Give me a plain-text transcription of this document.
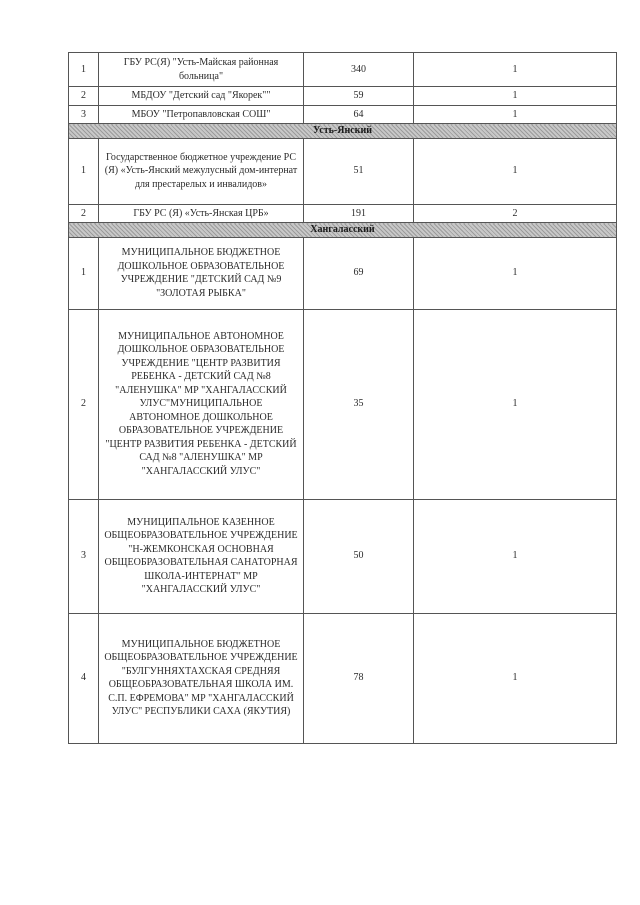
1	ГБУ РС(Я) "Усть-Майская районная больница"	340	1
2	МБДОУ "Детский сад "Якорек""	59	1
3	МБОУ "Петропавловская СОШ"	64	1
Усть-Янский			
1	Государственное бюджетное учреждение РС (Я) «Усть-Янский межулусный дом-интернат для престарелых и инвалидов»	51	1
2	ГБУ РС (Я) «Усть-Янская ЦРБ»	191	2
Хангаласский			
1	МУНИЦИПАЛЬНОЕ БЮДЖЕТНОЕ ДОШКОЛЬНОЕ ОБРАЗОВАТЕЛЬНОЕ УЧРЕЖДЕНИЕ "ДЕТСКИЙ САД №9 "ЗОЛОТАЯ РЫБКА"	69	1
2	МУНИЦИПАЛЬНОЕ АВТОНОМНОЕ ДОШКОЛЬНОЕ ОБРАЗОВАТЕЛЬНОЕ УЧРЕЖДЕНИЕ "ЦЕНТР РАЗВИТИЯ РЕБЕНКА - ДЕТСКИЙ САД №8 "АЛЕНУШКА" МР "ХАНГАЛАССКИЙ УЛУС"МУНИЦИПАЛЬНОЕ АВТОНОМНОЕ ДОШКОЛЬНОЕ ОБРАЗОВАТЕЛЬНОЕ УЧРЕЖДЕНИЕ "ЦЕНТР РАЗВИТИЯ РЕБЕНКА - ДЕТСКИЙ САД №8 "АЛЕНУШКА" МР "ХАНГАЛАССКИЙ УЛУС"	35	1
3	МУНИЦИПАЛЬНОЕ КАЗЕННОЕ ОБЩЕОБРАЗОВАТЕЛЬНОЕ УЧРЕЖДЕНИЕ "Н-ЖЕМКОНСКАЯ ОСНОВНАЯ ОБЩЕОБРАЗОВАТЕЛЬНАЯ САНАТОРНАЯ ШКОЛА-ИНТЕРНАТ" МР "ХАНГАЛАССКИЙ УЛУС"	50	1
4	МУНИЦИПАЛЬНОЕ БЮДЖЕТНОЕ ОБЩЕОБРАЗОВАТЕЛЬНОЕ УЧРЕЖДЕНИЕ "БУЛГУННЯХТАХСКАЯ СРЕДНЯЯ ОБЩЕОБРАЗОВАТЕЛЬНАЯ ШКОЛА ИМ. С.П. ЕФРЕМОВА" МР "ХАНГАЛАССКИЙ УЛУС" РЕСПУБЛИКИ САХА (ЯКУТИЯ)	78	1
